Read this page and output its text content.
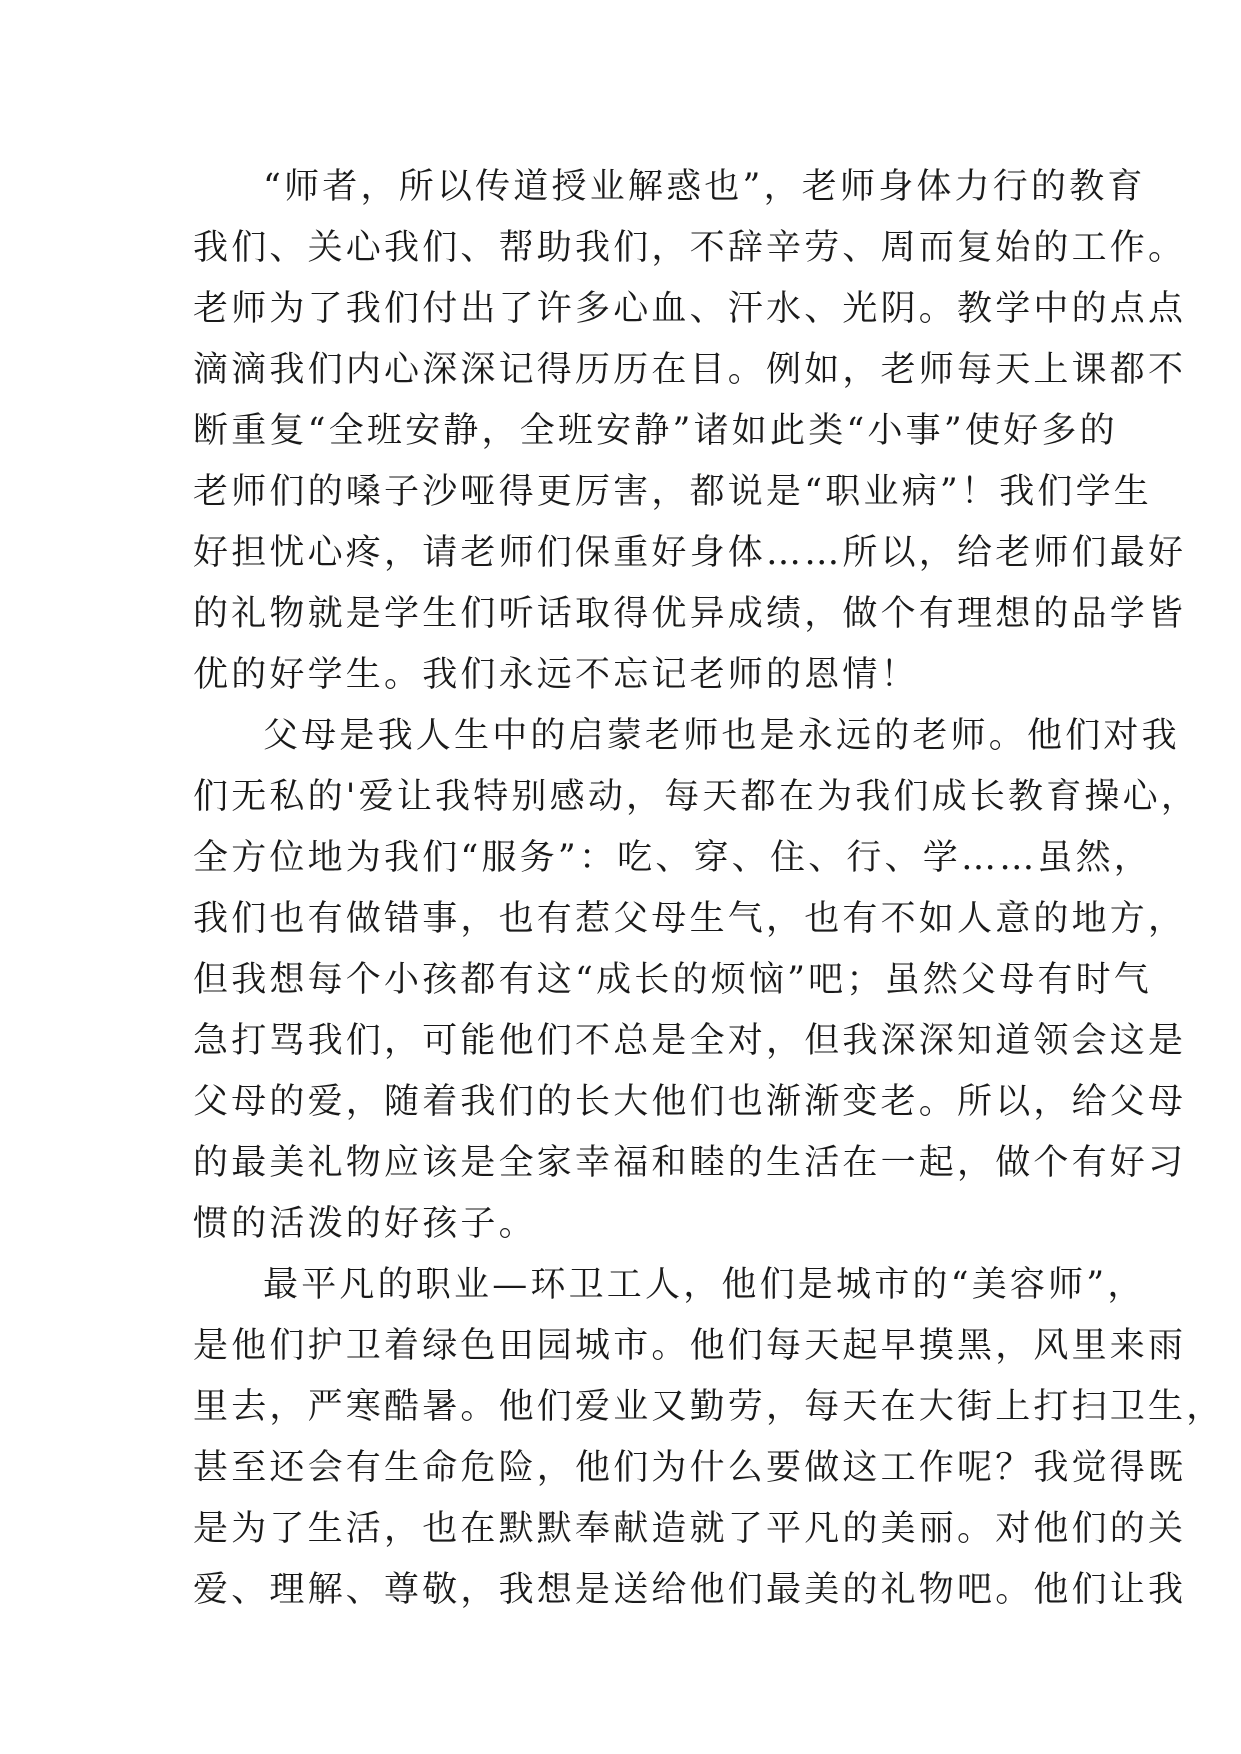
“师者，所以传道授业解惑也”，老师身体力行的教育
我们、关心我们、帮助我们，不辞辛劳、周而复始的工作。
老师为了我们付出了许多心血、汗水、光阴。教学中的点点
滴滴我们内心深深记得历历在目。例如，老师每天上课都不
断重复“全班安静，全班安静”诸如此类“小事”使好多的
老师们的嗓子沙哑得更厉害，都说是“职业病”！我们学生
好担忧心疼，请老师们保重好身体……所以，给老师们最好
的礼物就是学生们听话取得优异成绩，做个有理想的品学皆
优的好学生。我们永远不忘记老师的恩情！
父母是我人生中的启蒙老师也是永远的老师。他们对我
们无私的'爱让我特别感动，每天都在为我们成长教育操心，
全方位地为我们“服务”：吃、穿、住、行、学……虽然，
我们也有做错事，也有惹父母生气，也有不如人意的地方，
但我想每个小孩都有这“成长的烦恼”吧；虽然父母有时气
急打骂我们，可能他们不总是全对，但我深深知道领会这是
父母的爱，随着我们的长大他们也渐渐变老。所以，给父母
的最美礼物应该是全家幸福和睦的生活在一起，做个有好习
惯的活泼的好孩子。
最平凡的职业—环卫工人，他们是城市的“美容师”，
是他们护卫着绿色田园城市。他们每天起早摸黑，风里来雨
里去，严寒酷暑。他们爱业又勤劳，每天在大街上打扫卫生，
甚至还会有生命危险，他们为什么要做这工作呢？我觉得既
是为了生活，也在默默奉献造就了平凡的美丽。对他们的关
爱、理解、尊敬，我想是送给他们最美的礼物吧。他们让我
